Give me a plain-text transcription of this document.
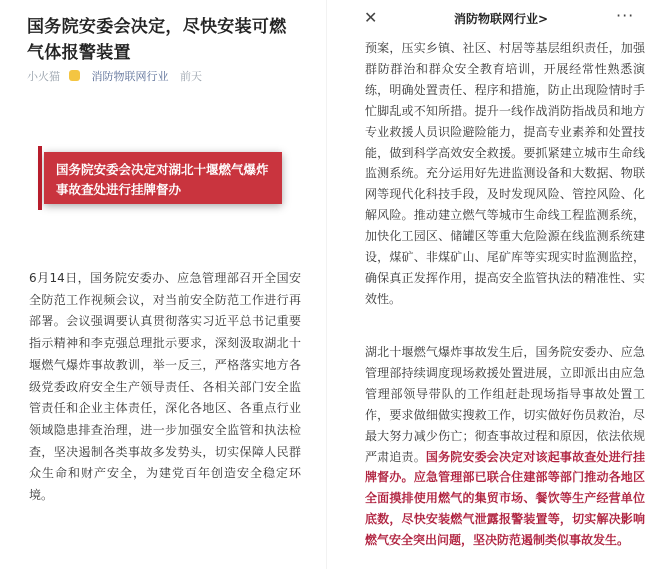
国务院安委会决定，尽快安装可燃气体报警装置
小火猫	消防物联网行业 前天
国务院安委会决定对湖北十堰燃气爆炸事故查处进行挂牌督办
6月14日，国务院安委办、应急管理部召开全国安全防范工作视频会议，对当前安全防范工作进行再部署。会议强调要认真贯彻落实习近平总书记重要指示精神和李克强总理批示要求，深刻汲取湖北十堰燃气爆炸事故教训，举一反三，严格落实地方各级党委政府安全生产领导责任、各相关部门安全监管责任和企业主体责任，深化各地区、各重点行业领域隐患排查治理，进一步加强安全监管和执法检查，坚决遏制各类事故多发势头，切实保障人民群众生命和财产安全，为建党百年创造安全稳定环境。
✕	消防物联网行业>	···
预案，压实乡镇、社区、村居等基层组织责任，加强群防群治和群众安全教育培训，开展经常性熟悉演练，明确处置责任、程序和措施，防止出现险情时手忙脚乱或不知所措。提升一线作战消防指战员和地方专业救援人员识险避险能力，提高专业素养和处置技能，做到科学高效安全救援。要抓紧建立城市生命线监测系统。充分运用好先进监测设备和大数据、物联网等现代化科技手段，及时发现风险、管控风险、化解风险。推动建立燃气等城市生命线工程监测系统，加快化工园区、储罐区等重大危险源在线监测系统建设，煤矿、非煤矿山、尾矿库等实现实时监测监控，确保真正发挥作用，提高安全监管执法的精准性、实效性。
湖北十堰燃气爆炸事故发生后，国务院安委办、应急管理部持续调度现场救援处置进展，立即派出由应急管理部领导带队的工作组赶赴现场指导事故处置工作，要求做细做实搜救工作，切实做好伤员救治，尽最大努力减少伤亡；彻查事故过程和原因，依法依规严肃追责。国务院安委会决定对该起事故查处进行挂牌督办。应急管理部已联合住建部等部门推动各地区全面摸排使用燃气的集贸市场、餐饮等生产经营单位底数，尽快安装燃气泄露报警装置等，切实解决影响燃气安全突出问题，坚决防范遏制类似事故发生。
